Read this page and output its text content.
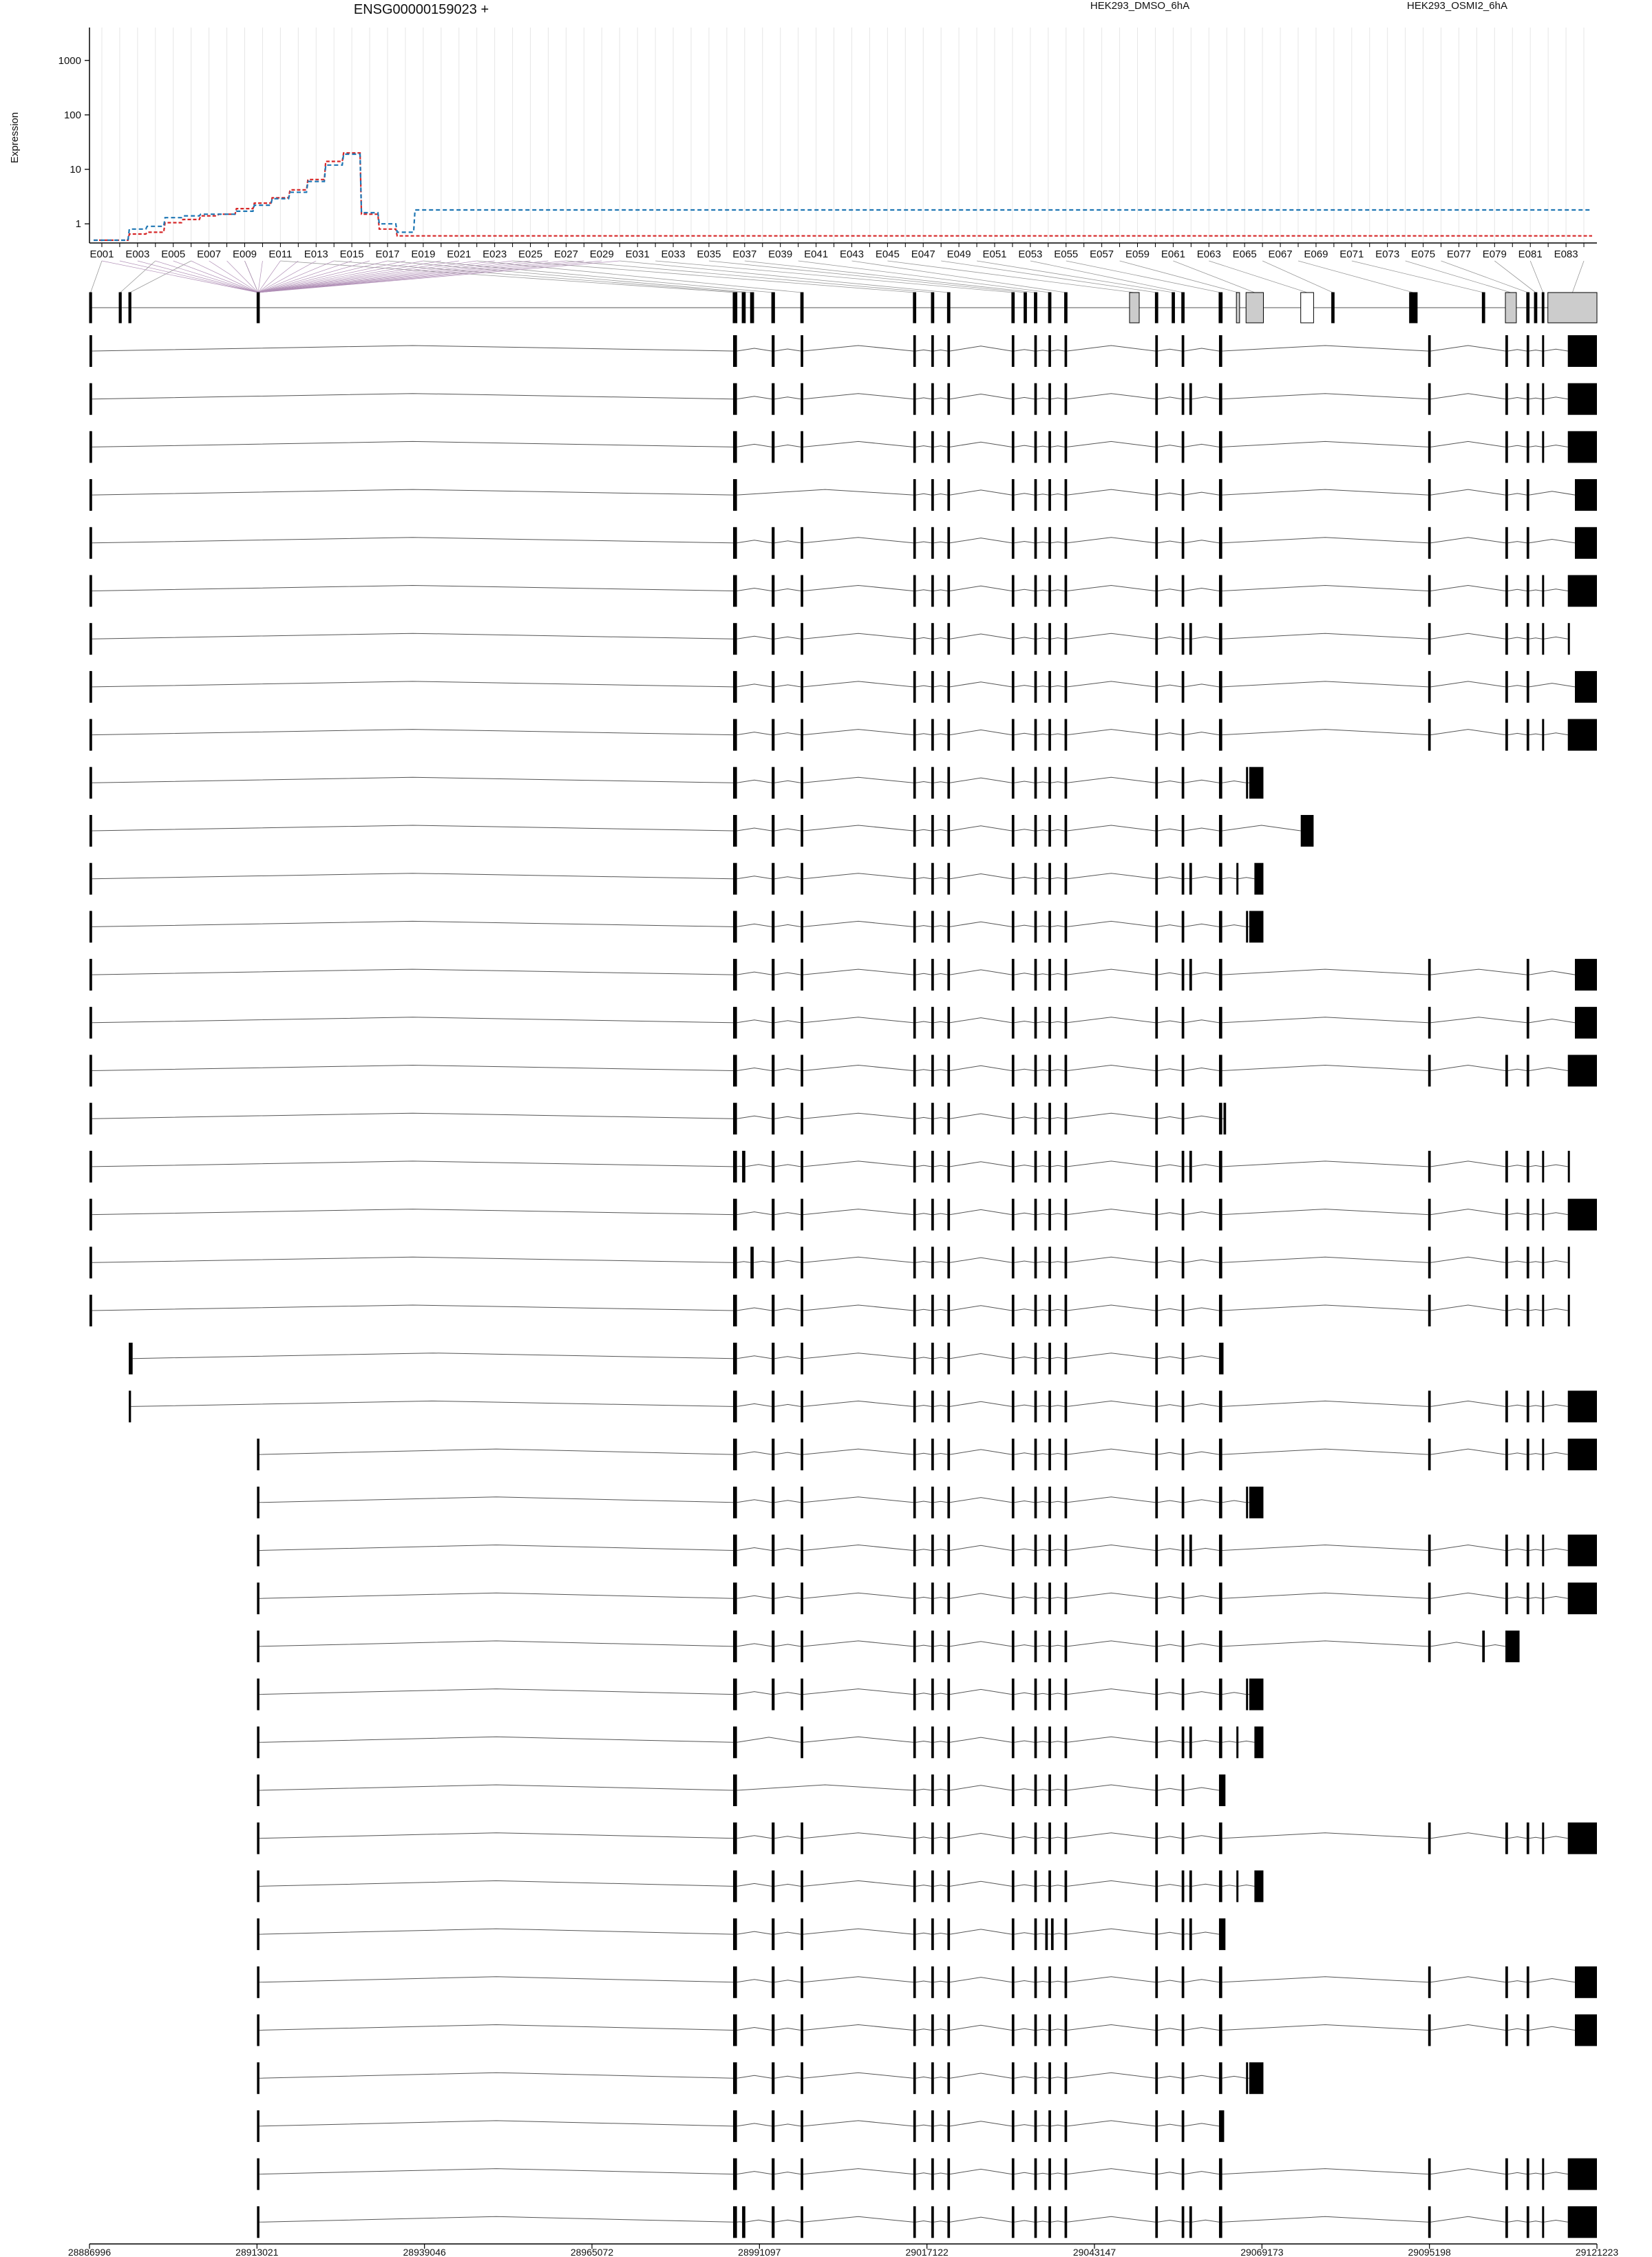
ENSG00000159023 +	HEK293_DMSO_6hA	HEK293_OSMI2_6hA
Expression
1
10
100
1000
E001 E003 E005 E007 E009 E011 E013 E015 E017 E019 E021 E023 E025 E027 E029 E031 E033 E035 E037 E039 E041 E043 E045 E047 E049 E051 E053 E055 E057 E059 E061 E063 E065 E067 E069 E071 E073 E075 E077 E079 E081 E083
28886996	28913021	28939046	28965072	28991097	29017122	29043147	29069173	29095198	29121223
